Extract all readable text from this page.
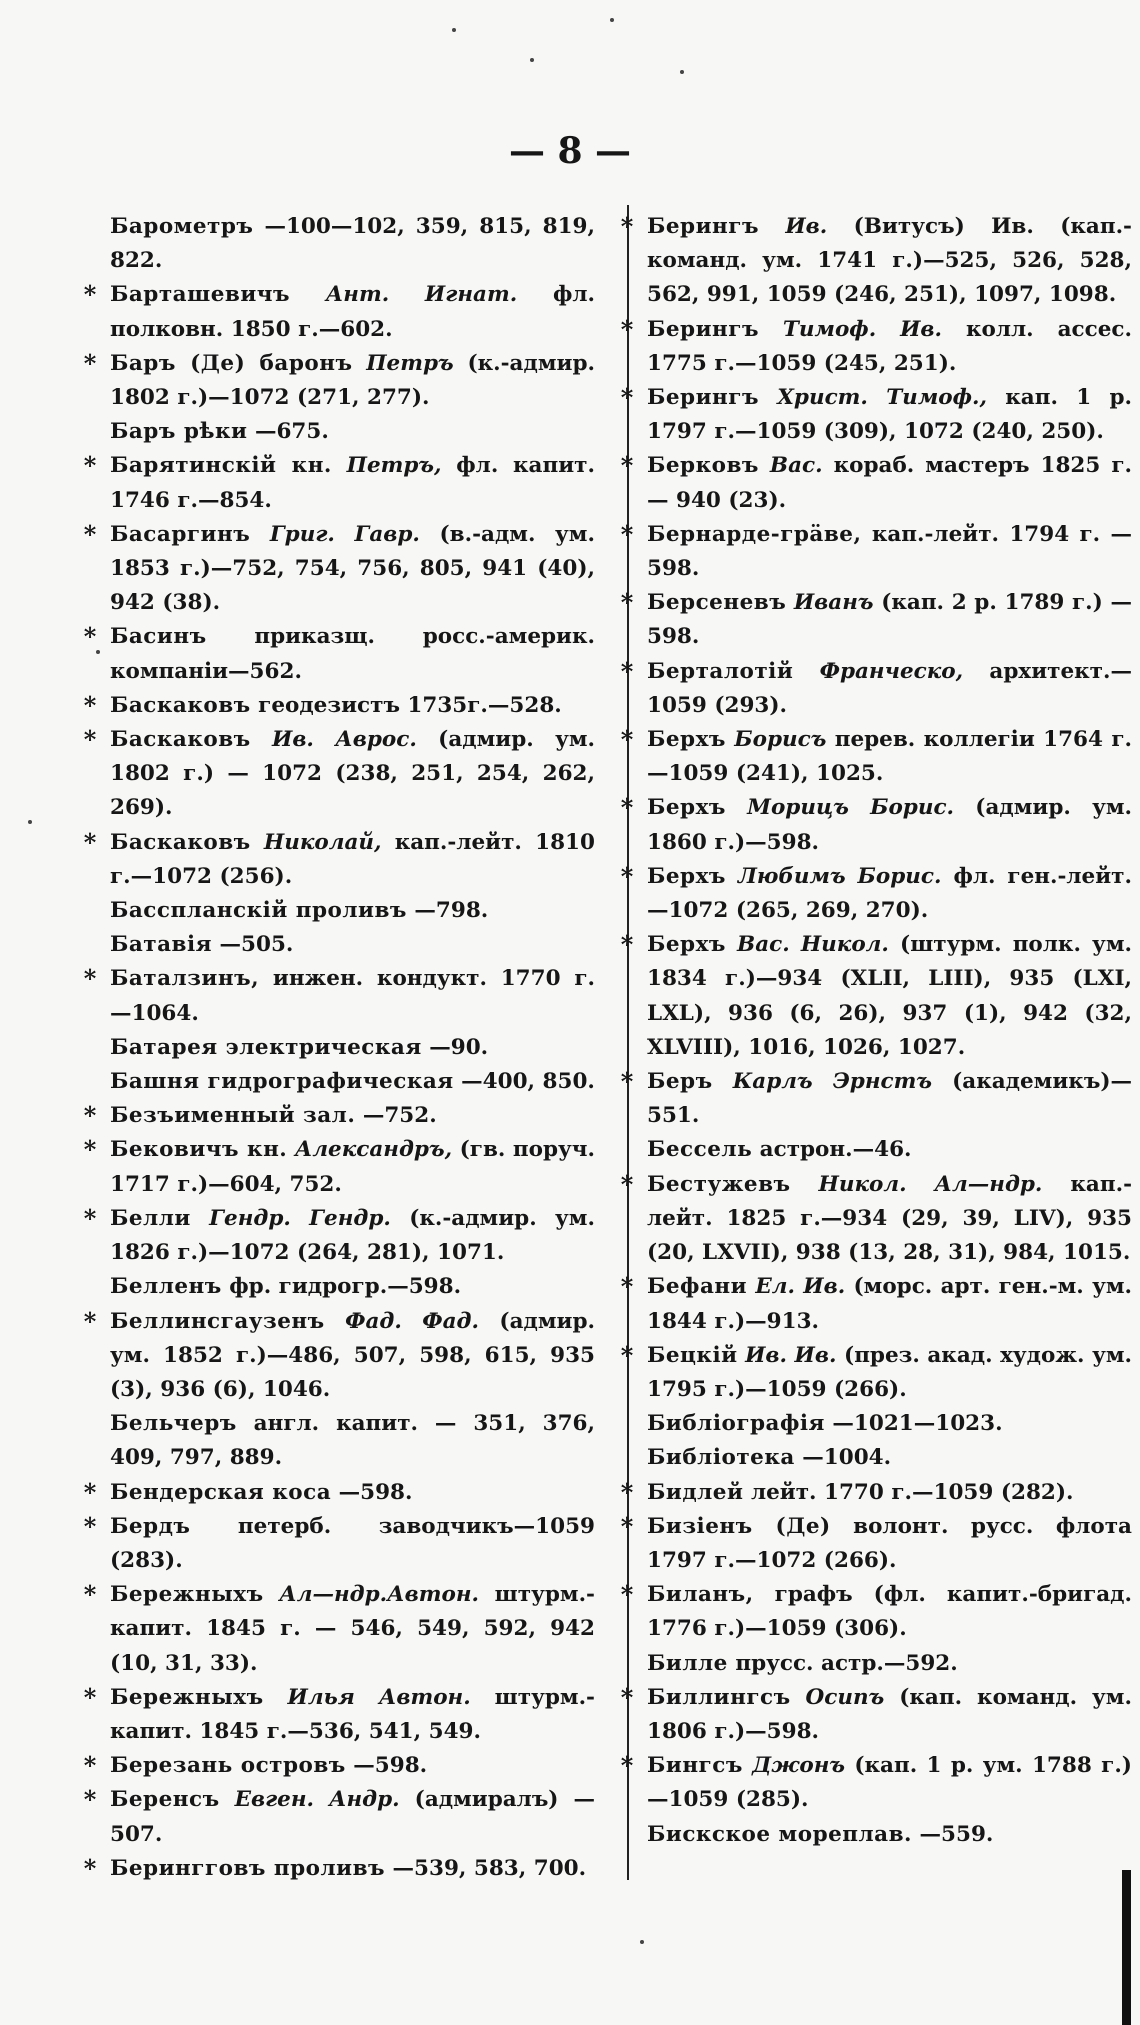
— 8 —
Барометръ —100—102, 359, 815, 819, 822.
* Барташевичъ Ант. Игнат. фл. полковн. 1850 г.—602.
* Баръ (Де) баронъ Петръ (к.-адмир. 1802 г.)—1072 (271, 277).
Баръ рѣки —675.
* Барятинскій кн. Петръ, фл. капит. 1746 г.—854.
* Басаргинъ Григ. Гавр. (в.-адм. ум. 1853 г.)—752, 754, 756, 805, 941 (40), 942 (38).
* Басинъ приказщ. росс.-америк. компаніи—562.
* Баскаковъ геодезистъ 1735г.—528.
* Баскаковъ Ив. Аврос. (адмир. ум. 1802 г.) — 1072 (238, 251, 254, 262, 269).
* Баскаковъ Николай, кап.-лейт. 1810 г.—1072 (256).
Басспланскій проливъ —798.
Батавія —505.
* Баталзинъ, инжен. кондукт. 1770 г. —1064.
Батарея электрическая —90.
Башня гидрографическая —400, 850.
* Безъименный зал. —752.
* Бековичъ кн. Александръ, (гв. поруч. 1717 г.)—604, 752.
* Белли Гендр. Гендр. (к.-адмир. ум. 1826 г.)—1072 (264, 281), 1071.
Белленъ фр. гидрогр.—598.
* Беллинсгаузенъ Фад. Фад. (адмир. ум. 1852 г.)—486, 507, 598, 615, 935 (3), 936 (6), 1046.
Бельчеръ англ. капит. — 351, 376, 409, 797, 889.
* Бендерская коса —598.
* Бердъ петерб. заводчикъ—1059 (283).
* Бережныхъ Ал—ндр.Автон. штурм.-капит. 1845 г. — 546, 549, 592, 942 (10, 31, 33).
* Бережныхъ Илья Автон. штурм.-капит. 1845 г.—536, 541, 549.
* Березань островъ —598.
* Беренсъ Евген. Андр. (адмиралъ) —507.
* Берингговъ проливъ —539, 583, 700.
* Берингъ Ив. (Витусъ) Ив. (кап.-команд. ум. 1741 г.)—525, 526, 528, 562, 991, 1059 (246, 251), 1097, 1098.
* Берингъ Тимоф. Ив. колл. ассес. 1775 г.—1059 (245, 251).
* Берингъ Христ. Тимоф., кап. 1 р. 1797 г.—1059 (309), 1072 (240, 250).
* Берковъ Вас. кораб. мастеръ 1825 г. — 940 (23).
* Бернарде-грäве, кап.-лейт. 1794 г. —598.
* Берсеневъ Иванъ (кап. 2 р. 1789 г.) —598.
* Берталотій Франческо, архитект.—1059 (293).
* Берхъ Борисъ перев. коллегіи 1764 г. —1059 (241), 1025.
* Берхъ Морицъ Борис. (адмир. ум. 1860 г.)—598.
* Берхъ Любимъ Борис. фл. ген.-лейт. —1072 (265, 269, 270).
* Берхъ Вас. Никол. (штурм. полк. ум. 1834 г.)—934 (XLII, LIII), 935 (LXI, LXL), 936 (6, 26), 937 (1), 942 (32, XLVIII), 1016, 1026, 1027.
* Беръ Карлъ Эрнстъ (академикъ)—551.
Бессель астрон.—46.
* Бестужевъ Никол. Ал—ндр. кап.-лейт. 1825 г.—934 (29, 39, LIV), 935 (20, LXVII), 938 (13, 28, 31), 984, 1015.
* Бефани Ел. Ив. (морс. арт. ген.-м. ум. 1844 г.)—913.
* Бецкій Ив. Ив. (през. акад. худож. ум. 1795 г.)—1059 (266).
Библіографія —1021—1023.
Библіотека —1004.
* Бидлей лейт. 1770 г.—1059 (282).
* Бизіенъ (Де) волонт. русс. флота 1797 г.—1072 (266).
* Биланъ, графъ (фл. капит.-бригад. 1776 г.)—1059 (306).
Билле прусс. астр.—592.
* Биллингсъ Осипъ (кап. команд. ум. 1806 г.)—598.
* Бингсъ Джонъ (кап. 1 р. ум. 1788 г.) —1059 (285).
Бискское мореплав. —559.
